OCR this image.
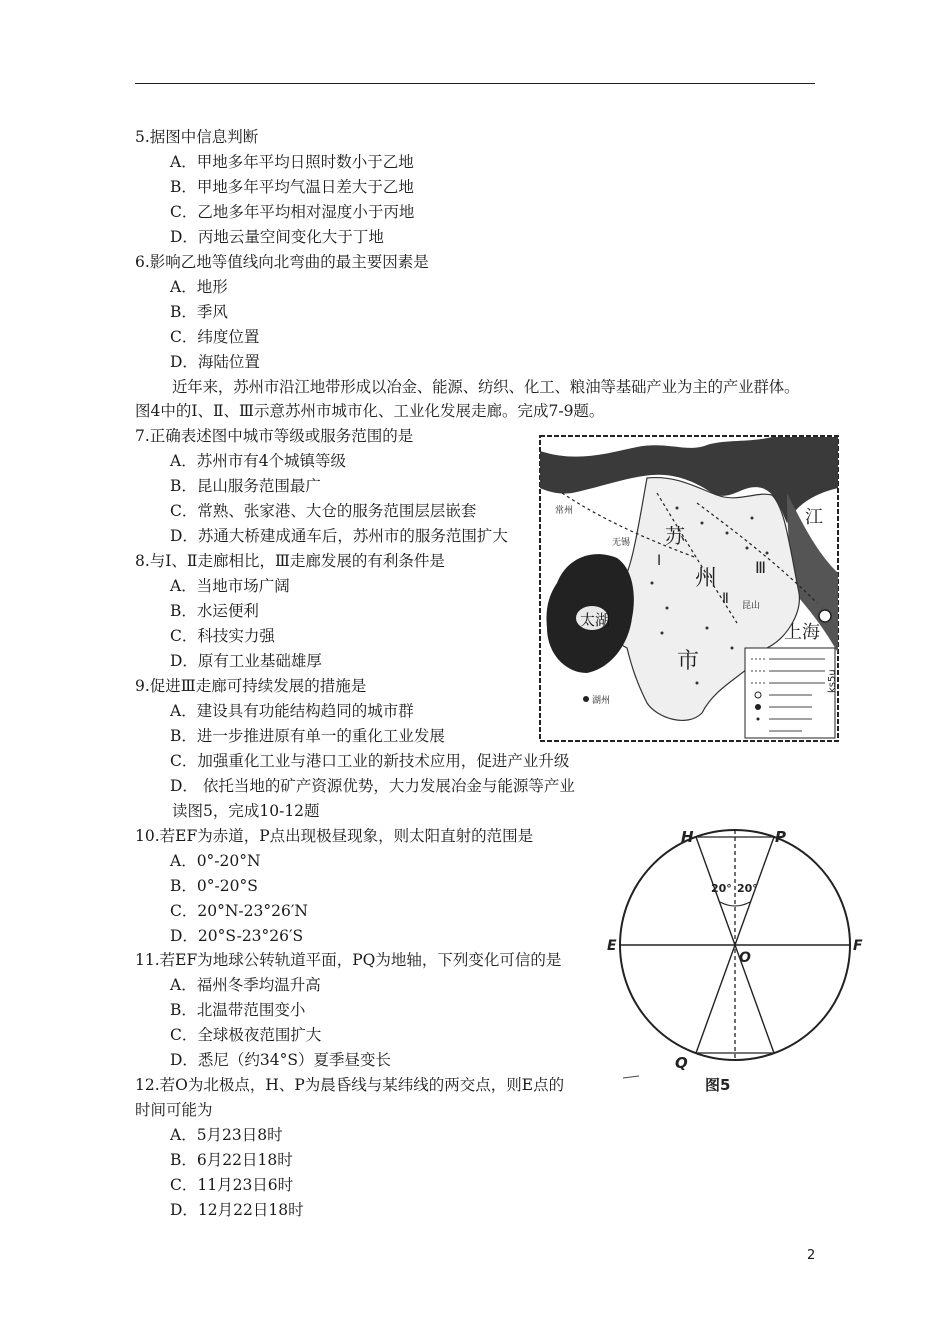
5.据图中信息判断
A．甲地多年平均日照时数小于乙地
B．甲地多年平均气温日差大于乙地
C．乙地多年平均相对湿度小于丙地
D．丙地云量空间变化大于丁地
6.影响乙地等值线向北弯曲的最主要因素是
A．地形
B．季风
C．纬度位置
D．海陆位置
近年来，苏州市沿江地带形成以冶金、能源、纺织、化工、粮油等基础产业为主的产业群体。
图4中的Ⅰ、Ⅱ、Ⅲ示意苏州市城市化、工业化发展走廊。完成7-9题。
7.正确表述图中城市等级或服务范围的是
A．苏州市有4个城镇等级
B．昆山服务范围最广
C．常熟、张家港、大仓的服务范围层层嵌套
D．苏通大桥建成通车后，苏州市的服务范围扩大
8.与Ⅰ、Ⅱ走廊相比，Ⅲ走廊发展的有利条件是
A．当地市场广阔
B．水运便利
C．科技实力强
D．原有工业基础雄厚
9.促进Ⅲ走廊可持续发展的措施是
A．建设具有功能结构趋同的城市群
B．进一步推进原有单一的重化工业发展
C．加强重化工业与港口工业的新技术应用，促进产业升级
D． 依托当地的矿产资源优势，大力发展冶金与能源等产业
读图5，完成10-12题
10.若EF为赤道，P点出现极昼现象，则太阳直射的范围是
A．0°-20°N
B．0°-20°S
C．20°N-23°26′N
D．20°S-23°26′S
11.若EF为地球公转轨道平面，PQ为地轴，下列变化可信的是
A．福州冬季均温升高
B．北温带范围变小
C．全球极夜范围扩大
D．悉尼（约34°S）夏季昼变长
12.若O为北极点，H、P为晨昏线与某纬线的两交点，则E点的
时间可能为
A．5月23日8时
B．6月22日18时
C．11月23日6时
D．12月22日18时
太湖
州
市
苏
江
Ⅲ
Ⅱ
Ⅰ
常州
无锡
昆山
湖州
上海
ks5u
20° 20°
H	P
E	F
O
Q
图5
2
